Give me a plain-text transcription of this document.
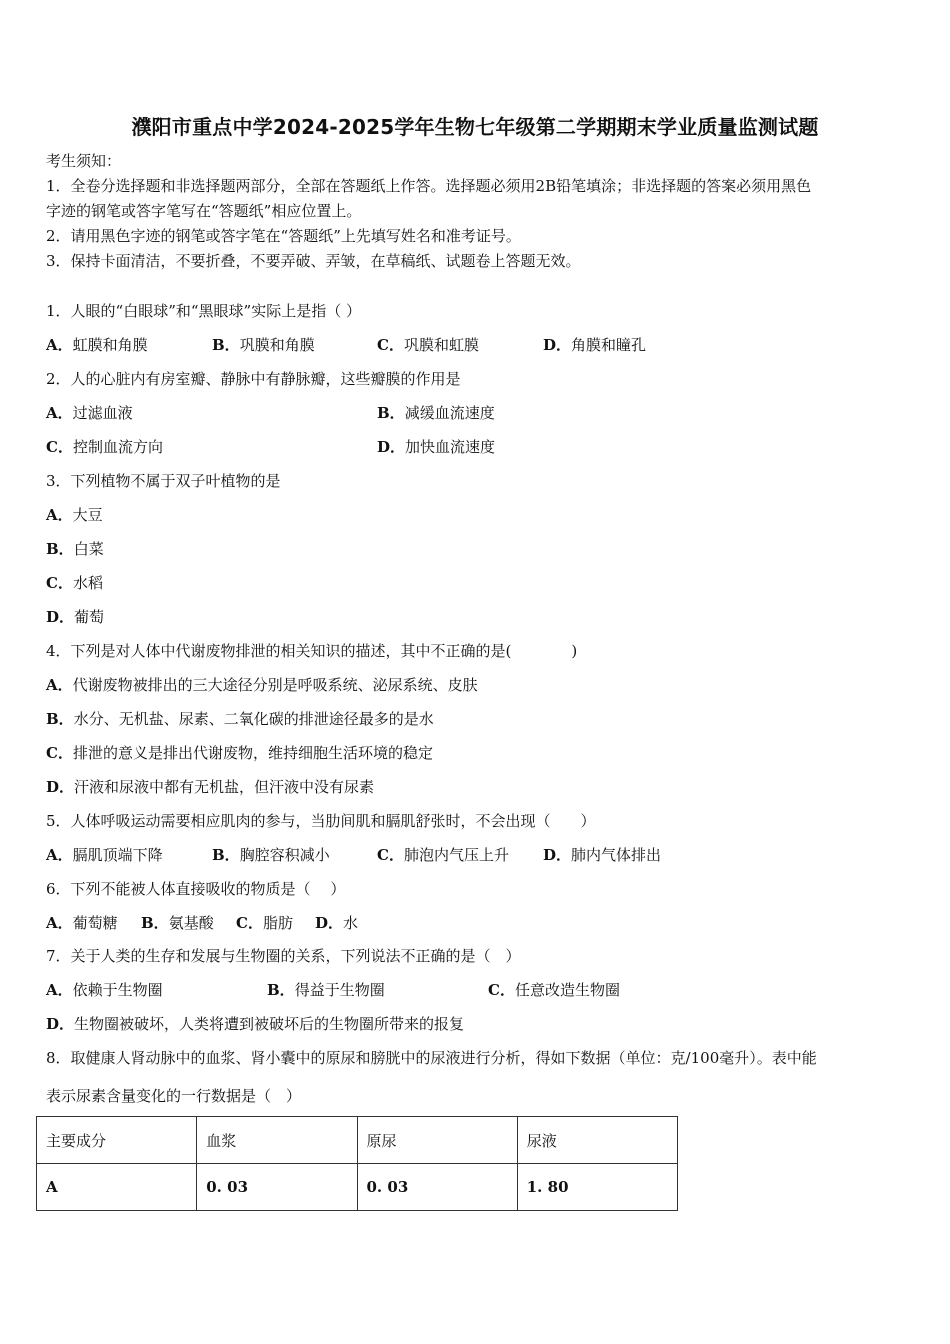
濮阳市重点中学2024-2025学年生物七年级第二学期期末学业质量监测试题
考生须知：
1．全卷分选择题和非选择题两部分，全部在答题纸上作答。选择题必须用2B铅笔填涂；非选择题的答案必须用黑色
字迹的钢笔或答字笔写在“答题纸”相应位置上。
2．请用黑色字迹的钢笔或答字笔在“答题纸”上先填写姓名和准考证号。
3．保持卡面清洁，不要折叠，不要弄破、弄皱，在草稿纸、试题卷上答题无效。
1．人眼的“白眼球”和“黑眼球”实际上是指（ ）
A．虹膜和角膜	B．巩膜和角膜	C．巩膜和虹膜	D．角膜和瞳孔
2．人的心脏内有房室瓣、静脉中有静脉瓣，这些瓣膜的作用是
A．过滤血液	B．减缓血流速度
C．控制血流方向	D．加快血流速度
3．下列植物不属于双子叶植物的是
A．大豆
B．白菜
C．水稻
D．葡萄
4．下列是对人体中代谢废物排泄的相关知识的描述，其中不正确的是(　　　　)
A．代谢废物被排出的三大途径分别是呼吸系统、泌尿系统、皮肤
B．水分、无机盐、尿素、二氧化碳的排泄途径最多的是水
C．排泄的意义是排出代谢废物，维持细胞生活环境的稳定
D．汗液和尿液中都有无机盐，但汗液中没有尿素
5．人体呼吸运动需要相应肌肉的参与，当肋间肌和膈肌舒张时，不会出现（　　）
A．膈肌顶端下降	B．胸腔容积减小	C．肺泡内气压上升 D．肺内气体排出
6．下列不能被人体直接吸收的物质是（　 ）
A．葡萄糖 B．氨基酸 C．脂肪 D．水
7．关于人类的生存和发展与生物圈的关系，下列说法不正确的是（　）
A．依赖于生物圈	B．得益于生物圈	C．任意改造生物圈
D．生物圈被破坏，人类将遭到被破坏后的生物圈所带来的报复
8．取健康人肾动脉中的血浆、肾小囊中的原尿和膀胱中的尿液进行分析，得如下数据（单位：克/100毫升）。表中能
表示尿素含量变化的一行数据是（　）
主要成分	血浆	原尿	尿液
A	0. 03	0. 03	1. 80
